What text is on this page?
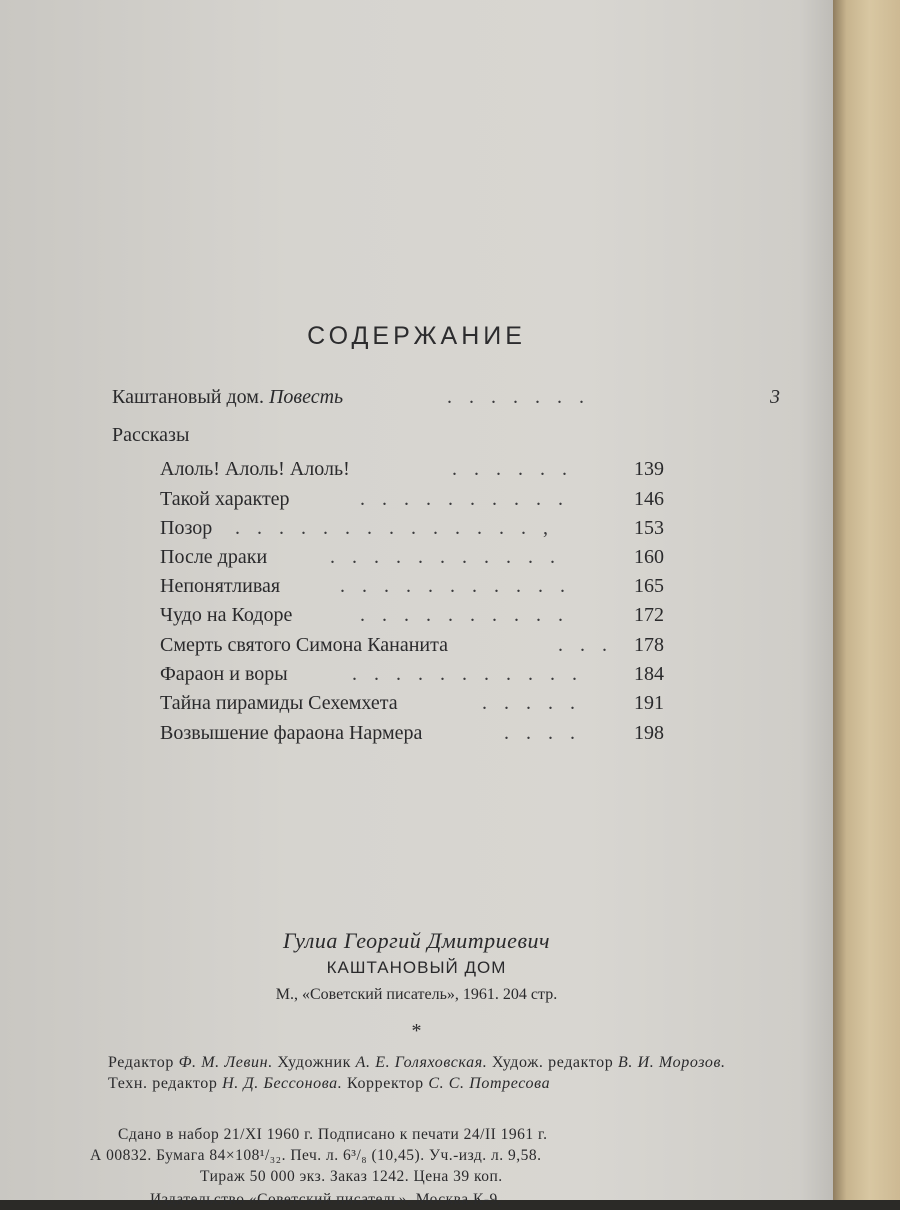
СОДЕРЖАНИЕ
Каштановый дом. Повесть	. . . . . . .	3
Рассказы
Алоль! Алоль! Алоль!	. . . . . .	139
Такой характер	. . . . . . . . . .	146
Позор . . . . . . . . . . . . . . ,	153
После драки	. . . . . . . . . . .	160
Непонятливая	. . . . . . . . . . .	165
Чудо на Кодоре	. . . . . . . . . .	172
Смерть святого Симона Кананита	. . .	178
Фараон и воры	. . . . . . . . . . .	184
Тайна пирамиды Сехемхета	. . . . .	191
Возвышение фараона Нармера	. . . .	198
Гулиа Георгий Дмитриевич
КАШТАНОВЫЙ ДОМ
М., «Советский писатель», 1961. 204 стр.
*
Редактор Ф. М. Левин. Художник А. Е. Голяховская. Худож. редактор В. И. Морозов. Техн. редактор Н. Д. Бессонова. Корректор С. С. Потресова
Сдано в набор 21/XI 1960 г. Подписано к печати 24/II 1961 г.
А 00832. Бумага 84×108¹/₃₂. Печ. л. 6³/₈ (10,45). Уч.-изд. л. 9,58.
Тираж 50 000 экз. Заказ 1242. Цена 39 коп.
Издательство «Советский писатель», Москва К-9,
